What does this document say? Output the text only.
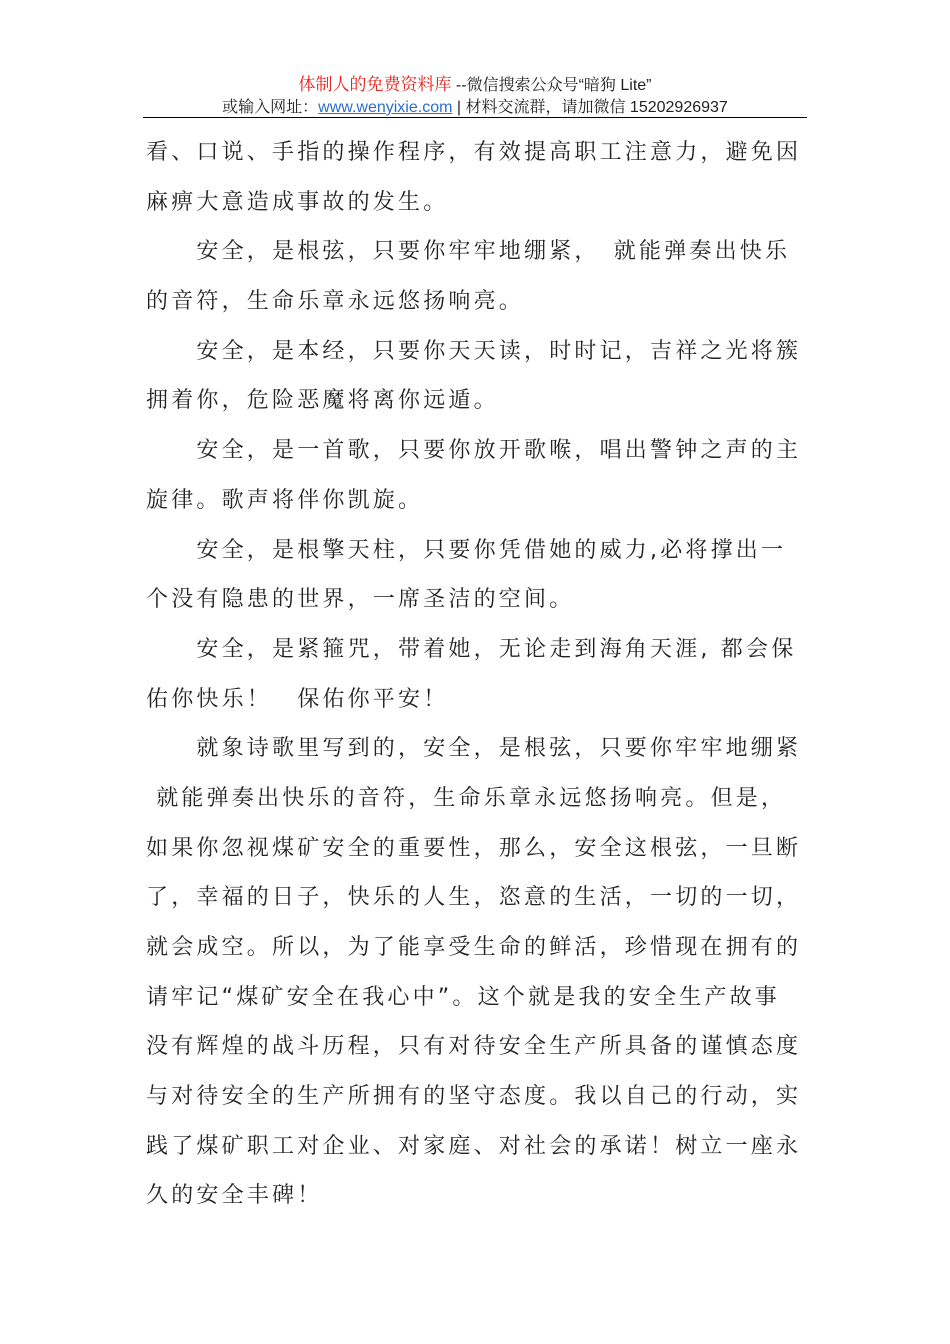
体制人的免费资料库 --微信搜索公众号“暗狗 Lite”
或输入网址：www.wenyixie.com | 材料交流群，请加微信 15202926937
看、口说、手指的操作程序，有效提高职工注意力，避免因
麻痹大意造成事故的发生。
　　安全，是根弦，只要你牢牢地绷紧，　就能弹奏出快乐
的音符，生命乐章永远悠扬响亮。
　　安全，是本经，只要你天天读，时时记，吉祥之光将簇
拥着你，危险恶魔将离你远遁。
　　安全，是一首歌，只要你放开歌喉，唱出警钟之声的主
旋律。歌声将伴你凯旋。
　　安全，是根擎天柱，只要你凭借她的威力,必将撑出一
个没有隐患的世界，一席圣洁的空间。
　　安全，是紧箍咒，带着她，无论走到海角天涯, 都会保
佑你快乐！　保佑你平安！
　　就象诗歌里写到的，安全，是根弦，只要你牢牢地绷紧
就能弹奏出快乐的音符，生命乐章永远悠扬响亮。但是，
如果你忽视煤矿安全的重要性，那么，安全这根弦，一旦断
了，幸福的日子，快乐的人生，恣意的生活，一切的一切，
就会成空。所以，为了能享受生命的鲜活，珍惜现在拥有的
请牢记“煤矿安全在我心中”。这个就是我的安全生产故事
没有辉煌的战斗历程，只有对待安全生产所具备的谨慎态度
与对待安全的生产所拥有的坚守态度。我以自己的行动，实
践了煤矿职工对企业、对家庭、对社会的承诺！树立一座永
久的安全丰碑！
